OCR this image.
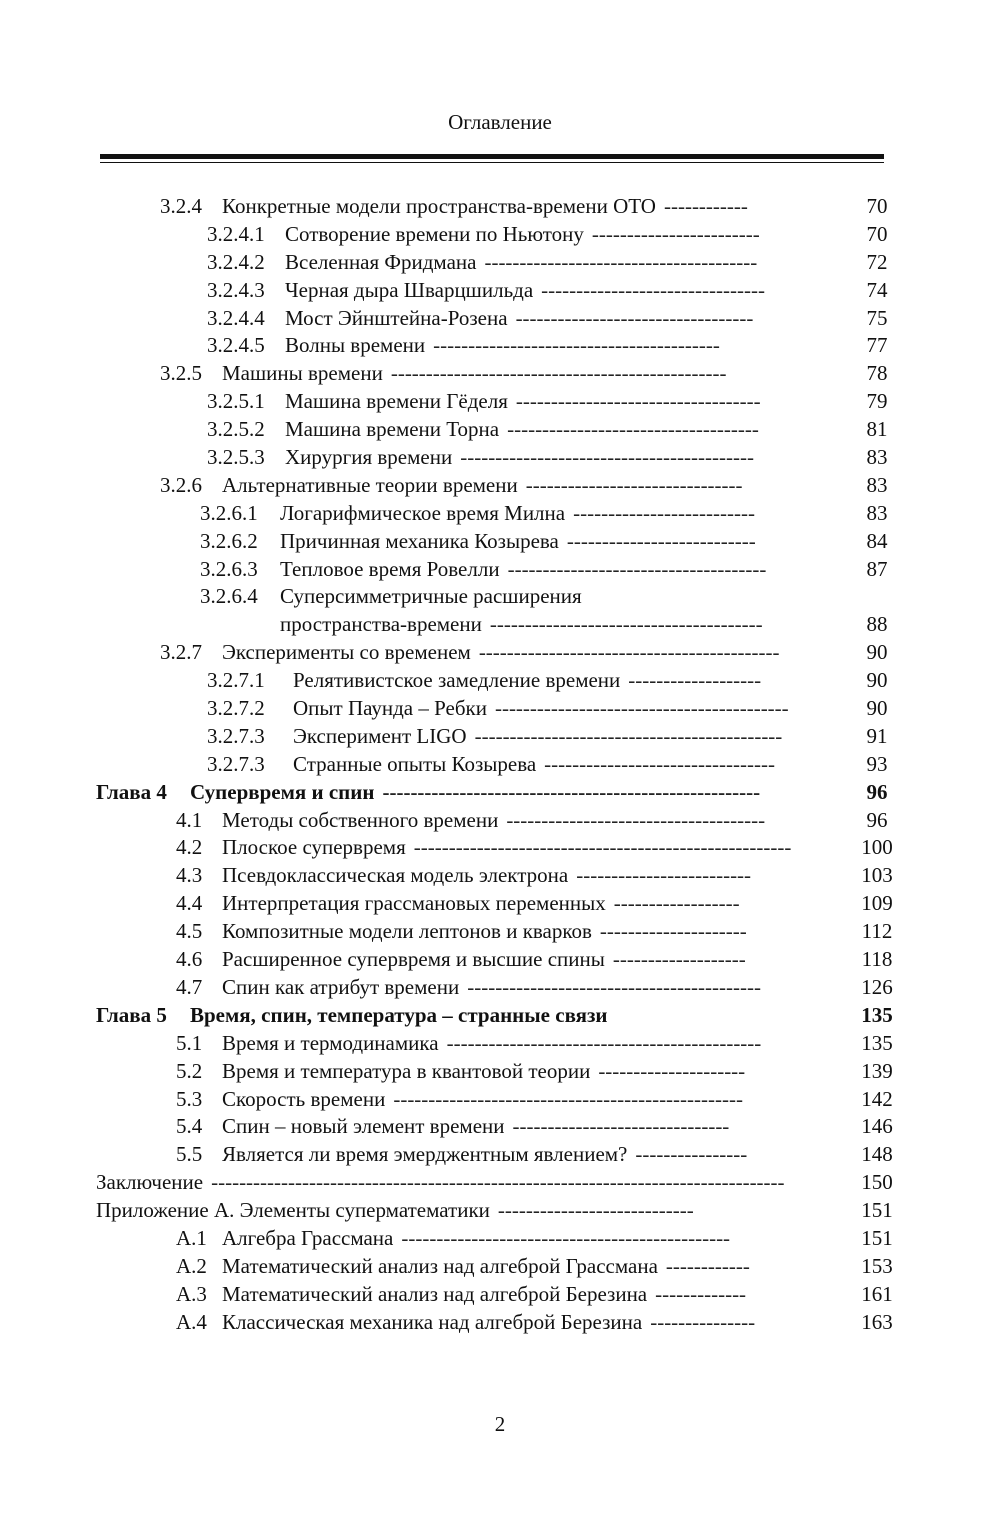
Оглавление
3.2.4 Конкретные модели пространства-времени ОТО ------------	70
3.2.4.1 Сотворение времени по Ньютону ------------------------	70
3.2.4.2 Вселенная Фридмана ---------------------------------------	72
3.2.4.3 Черная дыра Шварцшильда --------------------------------	74
3.2.4.4 Мост Эйнштейна-Розена ----------------------------------	75
3.2.4.5 Волны времени -----------------------------------------	77
3.2.5 Машины времени ------------------------------------------------	78
3.2.5.1 Машина времени Гёделя -----------------------------------	79
3.2.5.2 Машина времени Торна ------------------------------------	81
3.2.5.3 Хирургия времени ------------------------------------------	83
3.2.6 Альтернативные теории времени -------------------------------	83
3.2.6.1 Логарифмическое время Милна --------------------------	83
3.2.6.2 Причинная механика Козырева ---------------------------	84
3.2.6.3 Тепловое время Ровелли -------------------------------------	87
3.2.6.4 Суперсимметричные расширения
пространства-времени ---------------------------------------	88
3.2.7 Эксперименты со временем -------------------------------------------	90
3.2.7.1 Релятивистское замедление времени -------------------	90
3.2.7.2 Опыт Паунда – Ребки ------------------------------------------	90
3.2.7.3 Эксперимент LIGO --------------------------------------------	91
3.2.7.3 Странные опыты Козырева ---------------------------------	93
Глава 4 Супервремя и спин ------------------------------------------------------	96
4.1 Методы собственного времени -------------------------------------	96
4.2 Плоское супервремя ------------------------------------------------------	100
4.3 Псевдоклассическая модель электрона -------------------------	103
4.4 Интерпретация грассмановых переменных ------------------	109
4.5 Композитные модели лептонов и кварков ---------------------	112
4.6 Расширенное супервремя и высшие спины -------------------	118
4.7 Спин как атрибут времени ------------------------------------------	126
Глава 5 Время, спин, температура – странные связи	135
5.1 Время и термодинамика ---------------------------------------------	135
5.2 Время и температура в квантовой теории ---------------------	139
5.3 Скорость времени --------------------------------------------------	142
5.4 Спин – новый элемент времени -------------------------------	146
5.5 Является ли время эмерджентным явлением? ----------------	148
Заключение ----------------------------------------------------------------------------------	150
Приложение А. Элементы суперматематики ----------------------------	151
А.1 Алгебра Грассмана -----------------------------------------------	151
А.2 Математический анализ над алгеброй Грассмана ------------	153
А.3 Математический анализ над алгеброй Березина -------------	161
А.4 Классическая механика над алгеброй Березина ---------------	163
2
